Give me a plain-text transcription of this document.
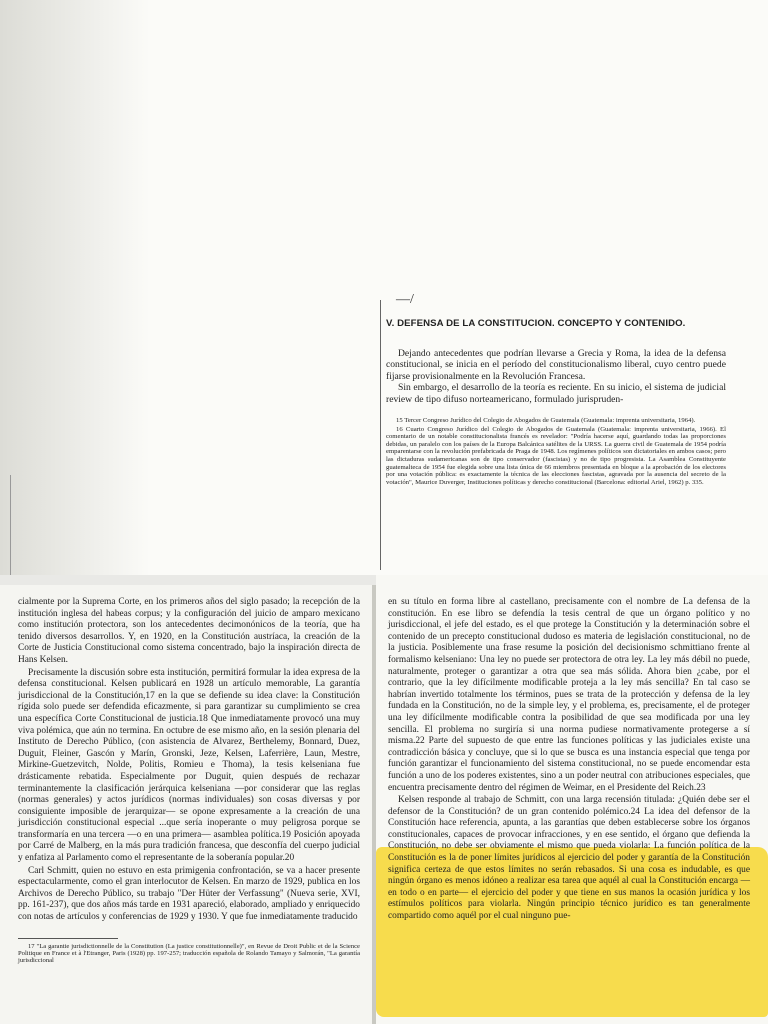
—/
V. DEFENSA DE LA CONSTITUCION. CONCEPTO Y CONTENIDO.

Dejando antecedentes que podrían llevarse a Grecia y Roma, la idea de la defensa constitucional, se inicia en el período del constitucionalismo liberal, cuyo centro puede fijarse provisionalmente en la Revolución Francesa.

Sin embargo, el desarrollo de la teoría es reciente. En su inicio, el sistema de judicial review de tipo difuso norteamericano, formulado jurispruden-

15 Tercer Congreso Jurídico del Colegio de Abogados de Guatemala (Guatemala: imprenta universitaria, 1964).

16 Cuarto Congreso Jurídico del Colegio de Abogados de Guatemala (Guatemala: imprenta universitaria, 1966). El comentario de un notable constitucionalista francés es revelador: "Podría hacerse aquí, guardando todas las proporciones debidas, un paralelo con los países de la Europa Balcánica satélites de la URSS. La guerra civil de Guatemala de 1954 podría emparentarse con la revolución prefabricada de Praga de 1948. Los regímenes políticos son dictatoriales en ambos casos; pero las dictaduras sudamericanas son de tipo conservador (fascistas) y no de tipo progresista. La Asamblea Constituyente guatemalteca de 1954 fue elegida sobre una lista única de 66 miembros presentada en bloque a la aprobación de los electores por una votación pública: es exactamente la técnica de las elecciones fascistas, agravada por la ausencia del secreto de la votación", Maurice Duverger, Instituciones políticas y derecho constitucional (Barcelona: editorial Ariel, 1962) p. 335.

cialmente por la Suprema Corte, en los primeros años del siglo pasado; la recepción de la institución inglesa del habeas corpus; y la configuración del juicio de amparo mexicano como institución protectora, son los antecedentes decimonónicos de la teoría, que ha tenido diversos desarrollos. Y, en 1920, en la Constitución austríaca, la creación de la Corte de Justicia Constitucional como sistema concentrado, bajo la inspiración directa de Hans Kelsen.

Precisamente la discusión sobre esta institución, permitirá formular la idea expresa de la defensa constitucional. Kelsen publicará en 1928 un artículo memorable, La garantía jurisdiccional de la Constitución,17 en la que se defiende su idea clave: la Constitución rígida solo puede ser defendida eficazmente, si para garantizar su cumplimiento se crea una específica Corte Constitucional de justicia.18 Que inmediatamente provocó una muy viva polémica, que aún no termina. En octubre de ese mismo año, en la sesión plenaria del Instituto de Derecho Público, (con asistencia de Alvarez, Berthelemy, Bonnard, Duez, Duguit, Fleiner, Gascón y Marín, Gronski, Jeze, Kelsen, Laferrière, Laun, Mestre, Mirkine-Guetzevitch, Nolde, Politis, Romieu e Thoma), la tesis kelseniana fue drásticamente rebatida. Especialmente por Duguit, quien después de rechazar terminantemente la clasificación jerárquica kelseniana —por considerar que las reglas (normas generales) y actos jurídicos (normas individuales) son cosas diversas y por consiguiente imposible de jerarquizar— se opone expresamente a la creación de una jurisdicción constitucional especial ...que sería inoperante o muy peligrosa porque se transformaría en una tercera —o en una primera— asamblea política.19 Posición apoyada por Carré de Malberg, en la más pura tradición francesa, que desconfía del cuerpo judicial y enfatiza al Parlamento como el representante de la soberanía popular.20

Carl Schmitt, quien no estuvo en esta primigenia confrontación, se va a hacer presente espectacularmente, como el gran interlocutor de Kelsen. En marzo de 1929, publica en los Archivos de Derecho Público, su trabajo "Der Hüter der Verfassung" (Nueva serie, XVI, pp. 161-237), que dos años más tarde en 1931 apareció, elaborado, ampliado y enriquecido con notas de artículos y conferencias de 1929 y 1930. Y que fue inmediatamente traducido

17 "La garantie jurisdictionnelle de la Constitution (La justice constitutionnelle)", en Revue de Droit Public et de la Science Politique en France et à l'Etranger, Paris (1928) pp. 197-257; traducción española de Rolando Tamayo y Salmorán, "La garantía jurisdiccional

en su título en forma libre al castellano, precisamente con el nombre de La defensa de la constitución. En ese libro se defendía la tesis central de que un órgano político y no jurisdiccional, el jefe del estado, es el que protege la Constitución y la determinación sobre el contenido de un precepto constitucional dudoso es materia de legislación constitucional, no de la justicia. Posiblemente una frase resume la posición del decisionismo schmittiano frente al formalismo kelseniano: Una ley no puede ser protectora de otra ley. La ley más débil no puede, naturalmente, proteger o garantizar a otra que sea más sólida. Ahora bien ¿cabe, por el contrario, que la ley difícilmente modificable proteja a la ley más sencilla? En tal caso se habrían invertido totalmente los términos, pues se trata de la protección y defensa de la ley fundada en la Constitución, no de la simple ley, y el problema, es, precisamente, el de proteger una ley difícilmente modificable contra la posibilidad de que sea modificada por una ley sencilla. El problema no surgiría si una norma pudiese normativamente protegerse a sí misma.22 Parte del supuesto de que entre las funciones políticas y las judiciales existe una contradicción básica y concluye, que si lo que se busca es una instancia especial que tenga por función garantizar el funcionamiento del sistema constitucional, no se puede encomendar esta función a uno de los poderes existentes, sino a un poder neutral con atribuciones especiales, que encuentra precisamente dentro del régimen de Weimar, en el Presidente del Reich.23

Kelsen responde al trabajo de Schmitt, con una larga recensión titulada: ¿Quién debe ser el defensor de la Constitución? de un gran contenido polémico.24 La idea del defensor de la Constitución hace referencia, apunta, a las garantías que deben establecerse sobre los órganos constitucionales, capaces de provocar infracciones, y en ese sentido, el órgano que defienda la Constitución, no debe ser obviamente el mismo que pueda violarla: La función política de la Constitución es la de poner límites jurídicos al ejercicio del poder y garantía de la Constitución significa certeza de que estos límites no serán rebasados. Si una cosa es indudable, es que ningún órgano es menos idóneo a realizar esa tarea que aquél al cual la Constitución encarga —en todo o en parte— el ejercicio del poder y que tiene en sus manos la ocasión jurídica y los estímulos políticos para violarla. Ningún principio técnico jurídico es tan generalmente compartido como aquél por el cual ninguno pue-
